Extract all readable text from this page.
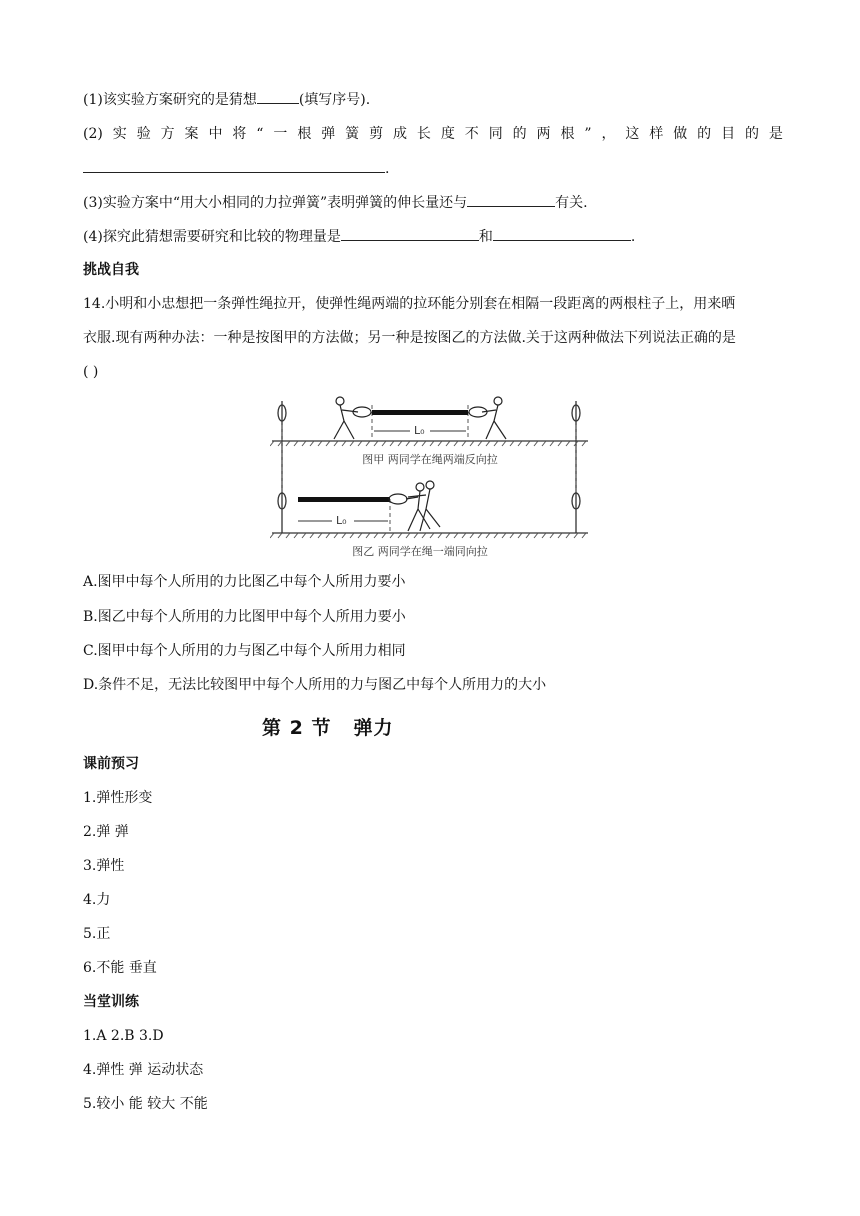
(1)该实验方案研究的是猜想	(填写序号).
(2) 实 验 方 案 中 将 “ 一 根 弹 簧 剪 成 长 度 不 同 的 两 根 ” ， 这 样 做 的 目 的 是
.
(3)实验方案中“用大小相同的力拉弹簧”表明弹簧的伸长量还与	有关.
(4)探究此猜想需要研究和比较的物理量是	和	.
挑战自我
14.小明和小忠想把一条弹性绳拉开，使弹性绳两端的拉环能分别套在相隔一段距离的两根柱子上，用来晒
衣服.现有两种办法：一种是按图甲的方法做；另一种是按图乙的方法做.关于这两种做法下列说法正确的是
( )
L₀
图甲 两同学在绳两端反向拉
L₀
图乙 两同学在绳一端同向拉
A.图甲中每个人所用的力比图乙中每个人所用力要小
B.图乙中每个人所用的力比图甲中每个人所用力要小
C.图甲中每个人所用的力与图乙中每个人所用力相同
D.条件不足，无法比较图甲中每个人所用的力与图乙中每个人所用力的大小
第 2 节 弹力
课前预习
1.弹性形变
2.弹 弹
3.弹性
4.力
5.正
6.不能 垂直
当堂训练
1.A 2.B 3.D
4.弹性 弹 运动状态
5.较小 能 较大 不能
